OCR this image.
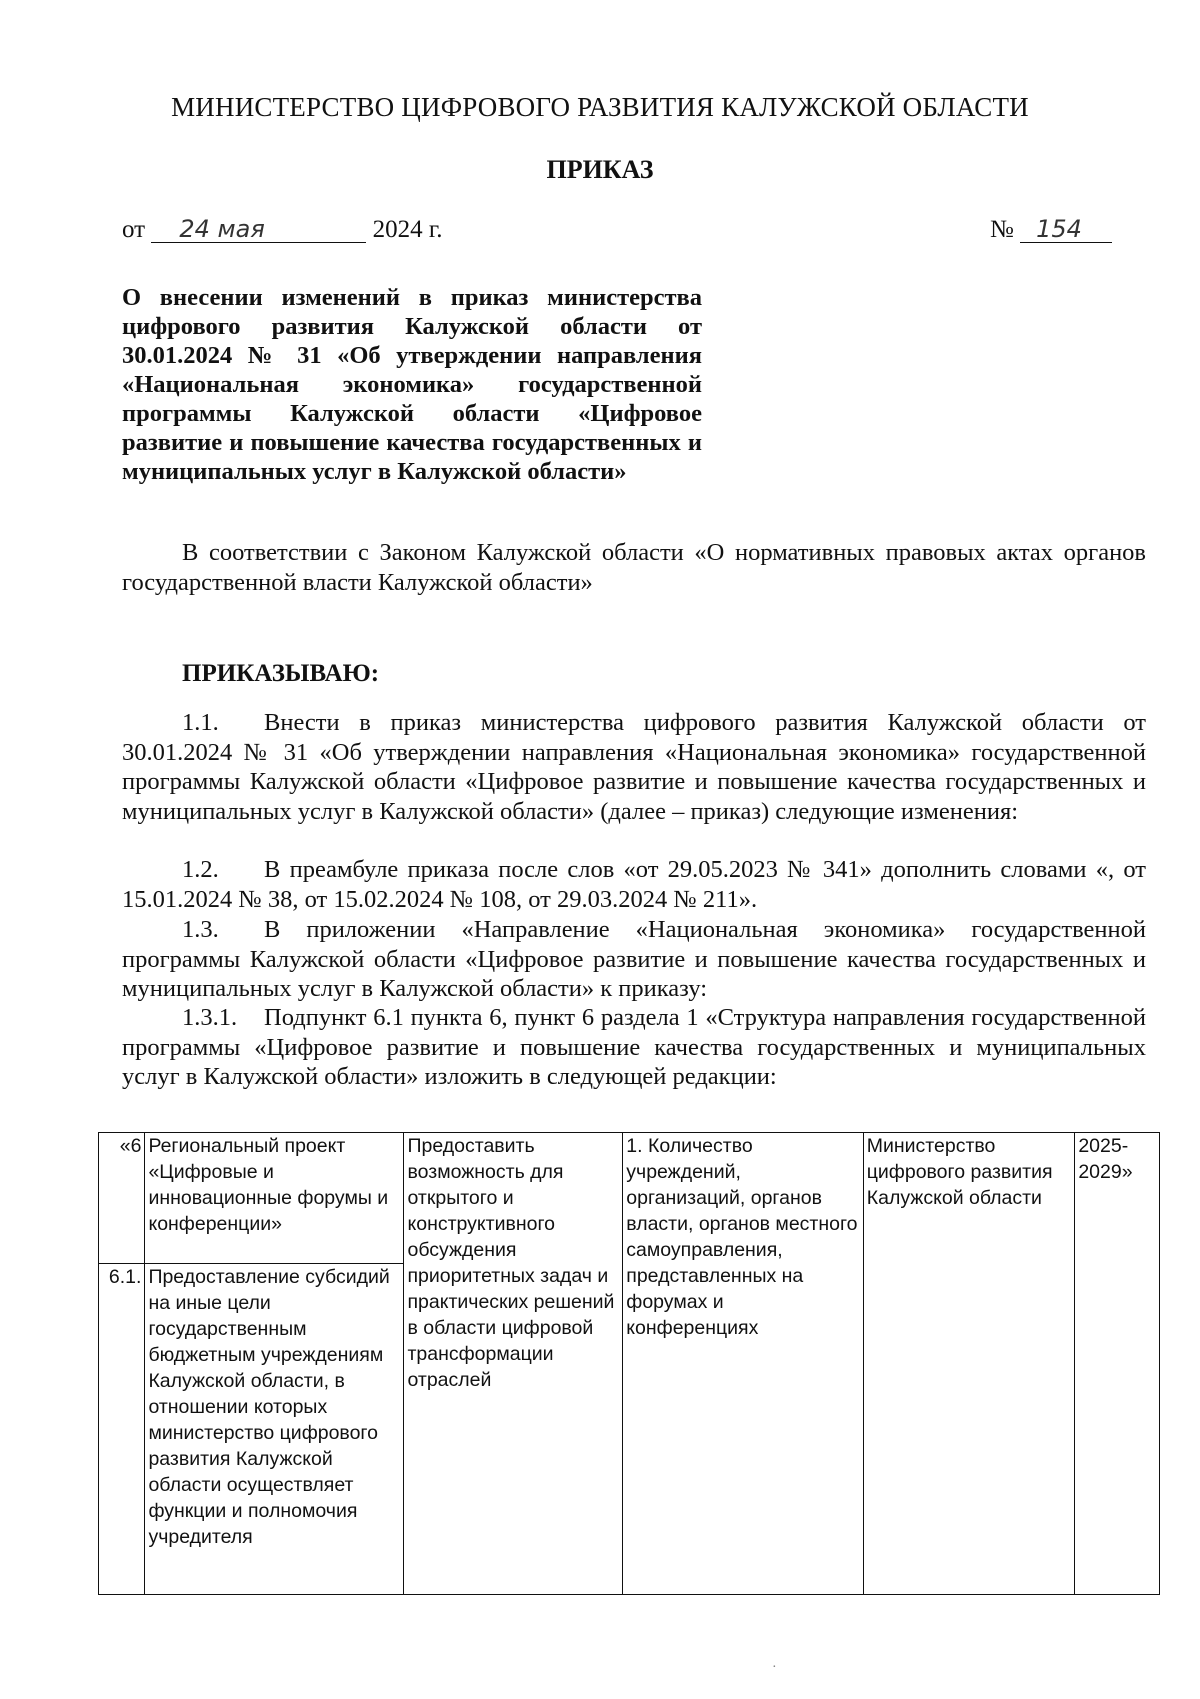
МИНИСТЕРСТВО ЦИФРОВОГО РАЗВИТИЯ КАЛУЖСКОЙ ОБЛАСТИ
ПРИКАЗ
от 24 мая	2024 г.	№ 154
О внесении изменений в приказ министерства цифрового развития Калужской области от 30.01.2024 № 31 «Об утверждении направления «Национальная экономика» государственной программы Калужской области «Цифровое развитие и повышение качества государственных и муниципальных услуг в Калужской области»
В соответствии с Законом Калужской области «О нормативных правовых актах органов государственной власти Калужской области»
ПРИКАЗЫВАЮ:
1.1. Внести в приказ министерства цифрового развития Калужской области от 30.01.2024 № 31 «Об утверждении направления «Национальная экономика» государственной программы Калужской области «Цифровое развитие и повышение качества государственных и муниципальных услуг в Калужской области» (далее – приказ) следующие изменения:
1.2. В преамбуле приказа после слов «от 29.05.2023 № 341» дополнить словами «, от 15.01.2024 № 38, от 15.02.2024 № 108, от 29.03.2024 № 211».
1.3. В приложении «Направление «Национальная экономика» государственной программы Калужской области «Цифровое развитие и повышение качества государственных и муниципальных услуг в Калужской области» к приказу:
1.3.1. Подпункт 6.1 пункта 6, пункт 6 раздела 1 «Структура направления государственной программы «Цифровое развитие и повышение качества государственных и муниципальных услуг в Калужской области» изложить в следующей редакции:
«6	Региональный проект «Цифровые и инновационные форумы и конференции»	Предоставить возможность для открытого и конструктивного обсуждения приоритетных задач и практических решений в области цифровой трансформации отраслей	1. Количество учреждений, организаций, органов власти, органов местного самоуправления, представленных на форумах и конференциях	Министерство цифрового развития Калужской области	2025-2029»
6.1.	Предоставление субсидий на иные цели государственным бюджетным учреждениям Калужской области, в отношении которых министерство цифрового развития Калужской области осуществляет функции и полномочия учредителя				
·
